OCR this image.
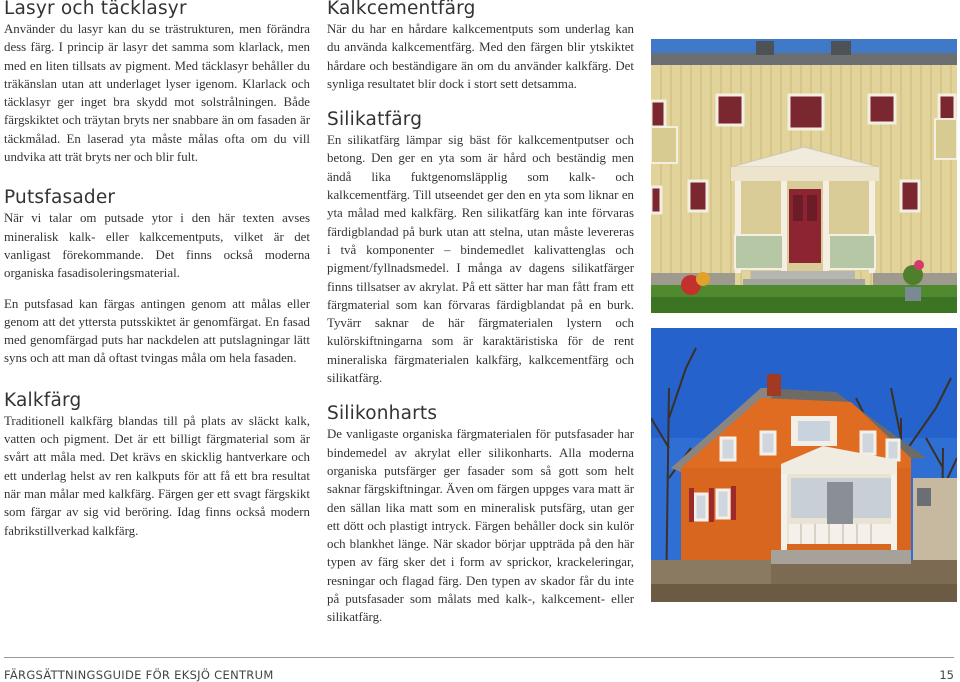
Lasyr och täcklasyr

Använder du lasyr kan du se trästrukturen, men förändra dess färg. I princip är lasyr det samma som klarlack, men med en liten tillsats av pigment. Med täcklasyr behåller du träkänslan utan att underlaget lyser igenom. Klarlack och täcklasyr ger inget bra skydd mot solstrålningen. Både färgskiktet och träytan bryts ner snabbare än om fasaden är täckmålad. En laserad yta måste målas ofta om du vill undvika att trät bryts ner och blir fult.

Putsfasader

När vi talar om putsade ytor i den här texten avses mineralisk kalk- eller kalkcementputs, vilket är det vanligast förekommande. Det finns också moderna organiska fasadisoleringsmaterial.

En putsfasad kan färgas antingen genom att målas eller genom att det yttersta putsskiktet är genomfärgat. En fasad med genomfärgad puts har nackdelen att putslagningar lätt syns och att man då oftast tvingas måla om hela fasaden.

Kalkfärg

Traditionell kalkfärg blandas till på plats av släckt kalk, vatten och pigment. Det är ett billigt färgmaterial som är svårt att måla med. Det krävs en skicklig hantverkare och ett underlag helst av ren kalkputs för att få ett bra resultat när man målar med kalkfärg. Färgen ger ett svagt färgskikt som färgar av sig vid beröring. Idag finns också modern fabrikstillverkad kalkfärg.

Kalkcementfärg

När du har en hårdare kalkcementputs som underlag kan du använda kalkcementfärg. Med den färgen blir ytskiktet hårdare och beständigare än om du använder kalkfärg. Det synliga resultatet blir dock i stort sett detsamma.

Silikatfärg

En silikatfärg lämpar sig bäst för kalkcementputser och betong. Den ger en yta som är hård och beständig men ändå lika fuktgenomsläpplig som kalk- och kalkcementfärg. Till utseendet ger den en yta som liknar en yta målad med kalkfärg. Ren silikatfärg kan inte förvaras färdigblandad på burk utan att stelna, utan måste levereras i två komponenter – bindemedlet kalivattenglas och pigment/fyllnadsmedel. I många av dagens silikatfärger finns tillsatser av akrylat. På ett sätter har man fått fram ett färgmaterial som kan förvaras färdigblandat på en burk. Tyvärr saknar de här färgmaterialen lystern och kulörskiftningarna som är karaktäristiska för de rent mineraliska färgmaterialen kalkfärg, kalkcementfärg och silikatfärg.

Silikonharts

De vanligaste organiska färgmaterialen för putsfasader har bindemedel av akrylat eller silikonharts. Alla moderna organiska putsfärger ger fasader som så gott som helt saknar färgskiftningar. Även om färgen uppges vara matt är den sällan lika matt som en mineralisk putsfärg, utan ger ett dött och plastigt intryck. Färgen behåller dock sin kulör och blankhet länge. När skador börjar uppträda på den här typen av färg sker det i form av sprickor, krackeleringar, resningar och flagad färg. Den typen av skador får du inte på putsfasader som målats med kalk-, kalkcement- eller silikatfärg.

FÄRGSÄTTNINGSGUIDE FÖR EKSJÖ CENTRUM	15
